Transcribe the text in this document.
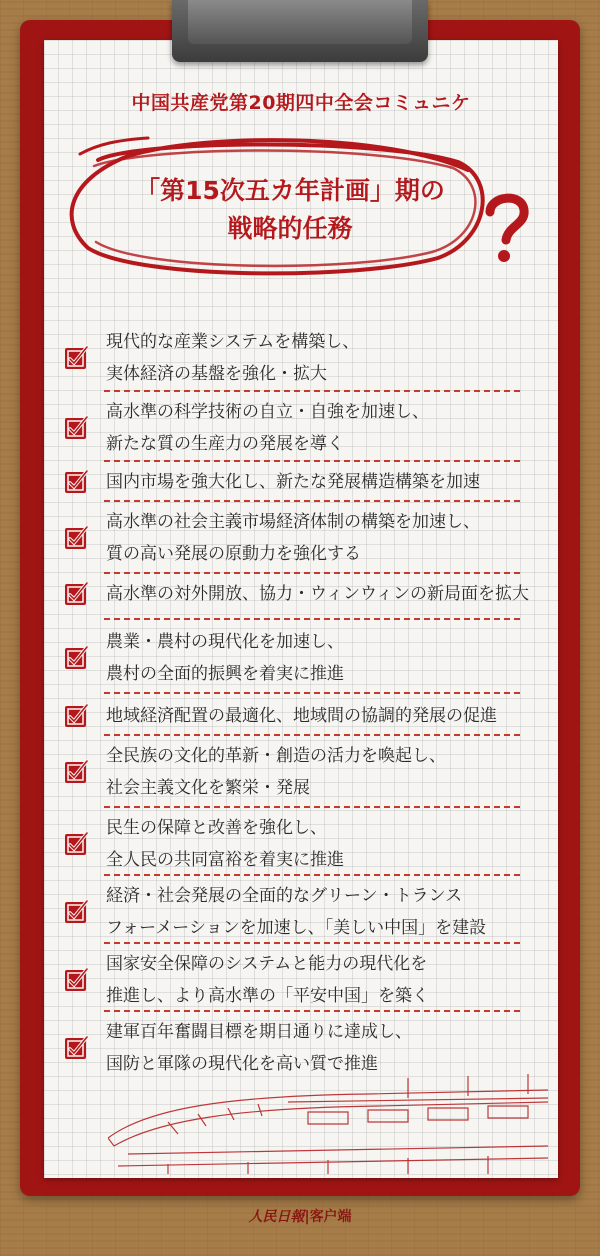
中国共産党第20期四中全会コミュニケ
「第15次五カ年計画」期の
戦略的任務
現代的な産業システムを構築し、
実体経済の基盤を強化・拡大
高水準の科学技術の自立・自強を加速し、
新たな質の生産力の発展を導く
国内市場を強大化し、新たな発展構造構築を加速
高水準の社会主義市場経済体制の構築を加速し、
質の高い発展の原動力を強化する
高水準の対外開放、協力・ウィンウィンの新局面を拡大
農業・農村の現代化を加速し、
農村の全面的振興を着実に推進
地域経済配置の最適化、地域間の協調的発展の促進
全民族の文化的革新・創造の活力を喚起し、
社会主義文化を繁栄・発展
民生の保障と改善を強化し、
全人民の共同富裕を着実に推進
経済・社会発展の全面的なグリーン・トランス
フォーメーションを加速し、「美しい中国」を建設
国家安全保障のシステムと能力の現代化を
推進し、より高水準の「平安中国」を築く
建軍百年奮闘目標を期日通りに達成し、
国防と軍隊の現代化を高い質で推進
人民日報|客户端
